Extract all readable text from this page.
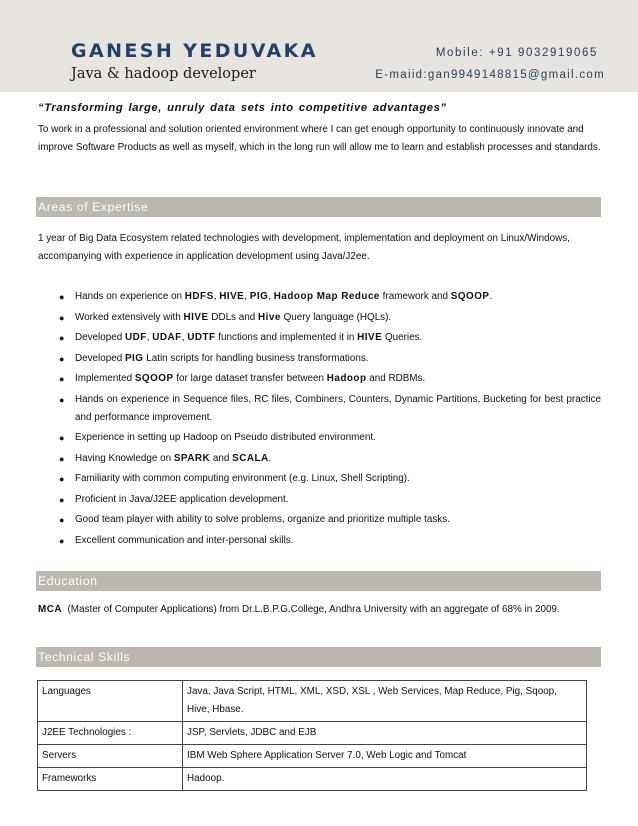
GANESH YEDUVAKA
Java & hadoop developer
Mobile: +91 9032919065
E-maiid:gan9949148815@gmail.com
“Transforming large, unruly data sets into competitive advantages”
To work in a professional and solution oriented environment where I can get enough opportunity to continuously innovate and improve Software Products as well as myself, which in the long run will allow me to learn and establish processes and standards.
Areas of Expertise
1 year of Big Data Ecosystem related technologies with development, implementation and deployment on Linux/Windows, accompanying with experience in application development using Java/J2ee.
● Hands on experience on HDFS, HIVE, PIG, Hadoop Map Reduce framework and SQOOP.
● Worked extensively with HIVE DDLs and Hive Query language (HQLs).
● Developed UDF, UDAF, UDTF functions and implemented it in HIVE Queries.
● Developed PIG Latin scripts for handling business transformations.
● Implemented SQOOP for large dataset transfer between Hadoop and RDBMs.
● Hands on experience in Sequence files, RC files, Combiners, Counters, Dynamic Partitions, Bucketing for best practice and performance improvement.
● Experience in setting up Hadoop on Pseudo distributed environment.
● Having Knowledge on SPARK and SCALA.
● Familiarity with common computing environment (e.g. Linux, Shell Scripting).
● Proficient in Java/J2EE application development.
● Good team player with ability to solve problems, organize and prioritize multiple tasks.
● Excellent communication and inter-personal skills.
Education
MCA (Master of Computer Applications) from Dr.L.B.P.G.College, Andhra University with an aggregate of 68% in 2009.
Technical Skills
Languages	Java, Java Script, HTML, XML, XSD, XSL , Web Services, Map Reduce, Pig, Sqoop, Hive, Hbase.
J2EE Technologies :	JSP, Servlets, JDBC and EJB
Servers	IBM Web Sphere Application Server 7.0, Web Logic and Tomcat
Frameworks	Hadoop.
